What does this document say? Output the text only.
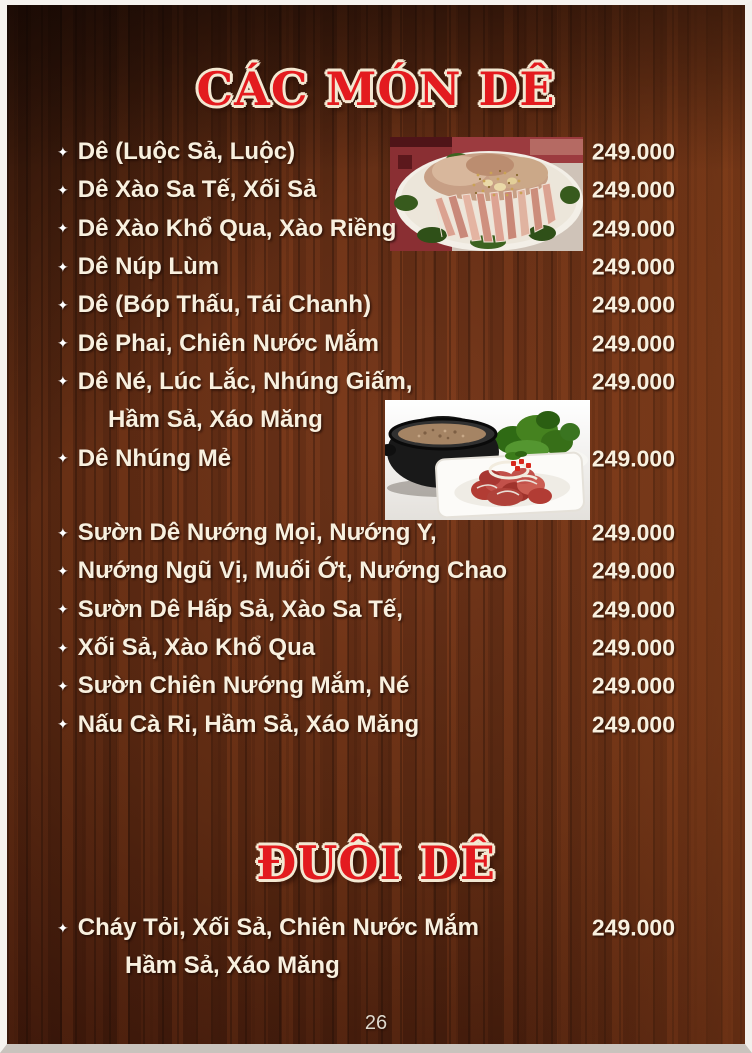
CÁC MÓN DÊ
✦ Dê (Luộc Sả, Luộc)	249.000
✦ Dê Xào Sa Tế, Xối Sả	249.000
✦ Dê Xào Khổ Qua, Xào Riềng	249.000
✦ Dê Núp Lùm	249.000
✦ Dê (Bóp Thấu, Tái Chanh)	249.000
✦ Dê Phai, Chiên Nước Mắm	249.000
✦ Dê Né, Lúc Lắc, Nhúng Giấm,	249.000
Hầm Sả, Xáo Măng
✦ Dê Nhúng Mẻ	249.000
✦ Sườn Dê Nướng Mọi, Nướng Y,	249.000
✦ Nướng Ngũ Vị, Muối Ớt, Nướng Chao	249.000
✦ Sườn Dê Hấp Sả, Xào Sa Tế,	249.000
✦ Xối Sả, Xào Khổ Qua	249.000
✦ Sườn Chiên Nướng Mắm, Né	249.000
✦ Nấu Cà Ri, Hầm Sả, Xáo Măng	249.000
ĐUÔI DÊ
✦ Cháy Tỏi, Xối Sả, Chiên Nước Mắm	249.000
Hầm Sả, Xáo Măng
26
